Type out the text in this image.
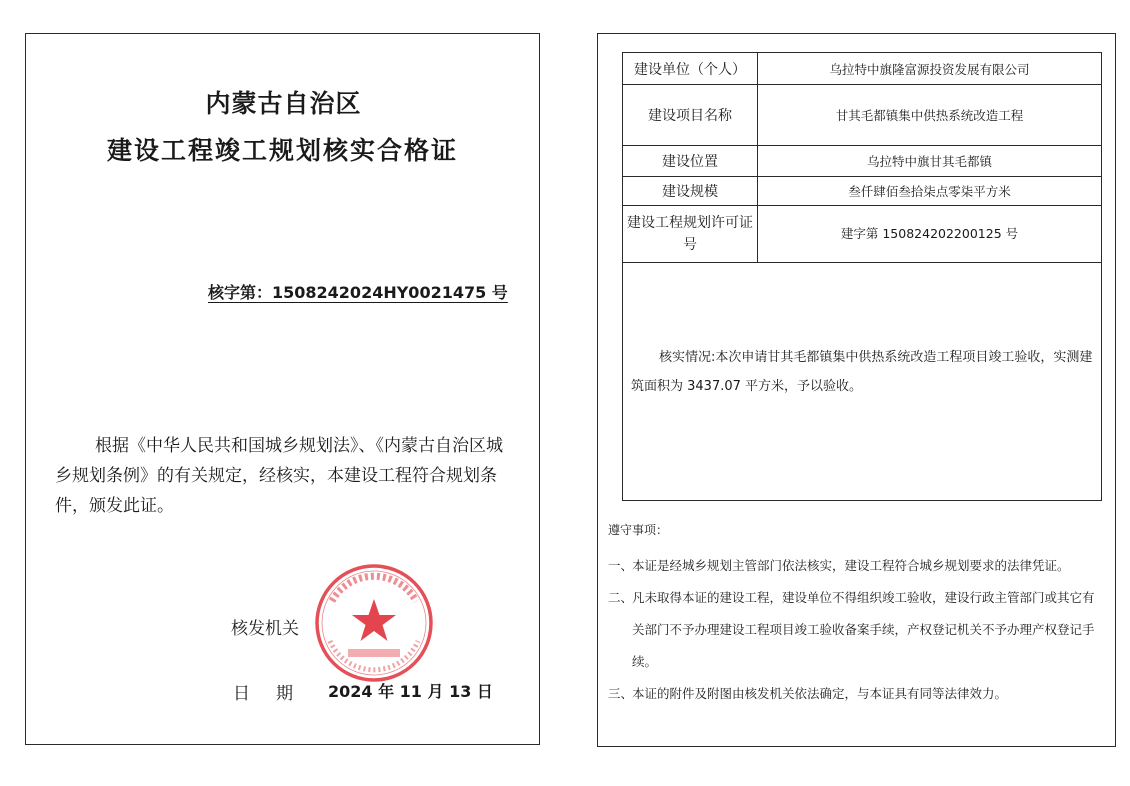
内蒙古自治区
建设工程竣工规划核实合格证
核字第：1508242024HY0021475 号
根据《中华人民共和国城乡规划法》、《内蒙古自治区城乡规划条例》的有关规定，经核实，本建设工程符合规划条件，颁发此证。
核发机关
日期 2024 年 11 月 13 日
建设单位（个人）	乌拉特中旗隆富源投资发展有限公司
建设项目名称	甘其毛都镇集中供热系统改造工程
建设位置	乌拉特中旗甘其毛都镇
建设规模	叁仟肆佰叁拾柒点零柒平方米
建设工程规划许可证号	建字第 150824202200125 号

核实情况:本次申请甘其毛都镇集中供热系统改造工程项目竣工验收，实测建筑面积为 3437.07 平方米，予以验收。	
遵守事项：
一、
本证是经城乡规划主管部门依法核实，建设工程符合城乡规划要求的法律凭证。
二、
凡未取得本证的建设工程，建设单位不得组织竣工验收，建设行政主管部门或其它有关部门不予办理建设工程项目竣工验收备案手续，产权登记机关不予办理产权登记手续。
三、
本证的附件及附图由核发机关依法确定，与本证具有同等法律效力。
